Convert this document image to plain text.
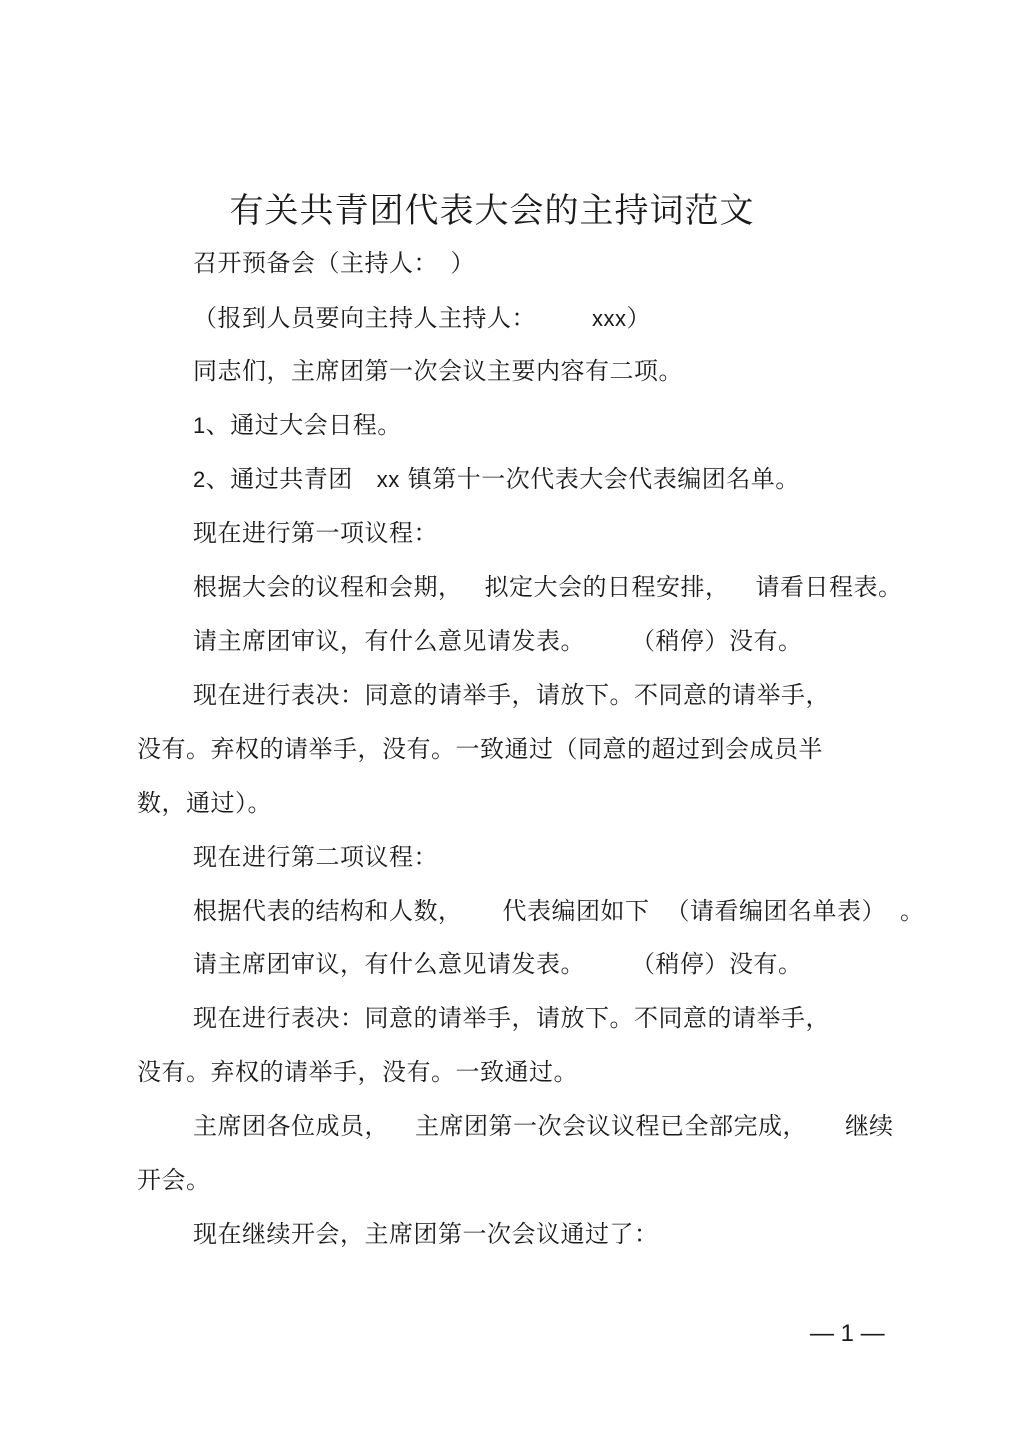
有关共青团代表大会的主持词范文
召开预备会（主持人：　）
（报到人员要向主持人主持人：	xxx）
同志们，主席团第一次会议主要内容有二项。
1、通过大会日程。
2、通过共青团 xx 镇第十一次代表大会代表编团名单。
现在进行第一项议程：
根据大会的议程和会期， 拟定大会的日程安排， 请看日程表。
请主席团审议，有什么意见请发表。 （稍停）没有。
现在进行表决：同意的请举手，请放下。不同意的请举手，
没有。弃权的请举手，没有。一致通过（同意的超过到会成员半
数，通过）。
现在进行第二项议程：
根据代表的结构和人数， 代表编团如下 （请看编团名单表） 。
请主席团审议，有什么意见请发表。 （稍停）没有。
现在进行表决：同意的请举手，请放下。不同意的请举手，
没有。弃权的请举手，没有。一致通过。
主席团各位成员， 主席团第一次会议议程已全部完成， 继续
开会。
现在继续开会，主席团第一次会议通过了：
— 1 —
